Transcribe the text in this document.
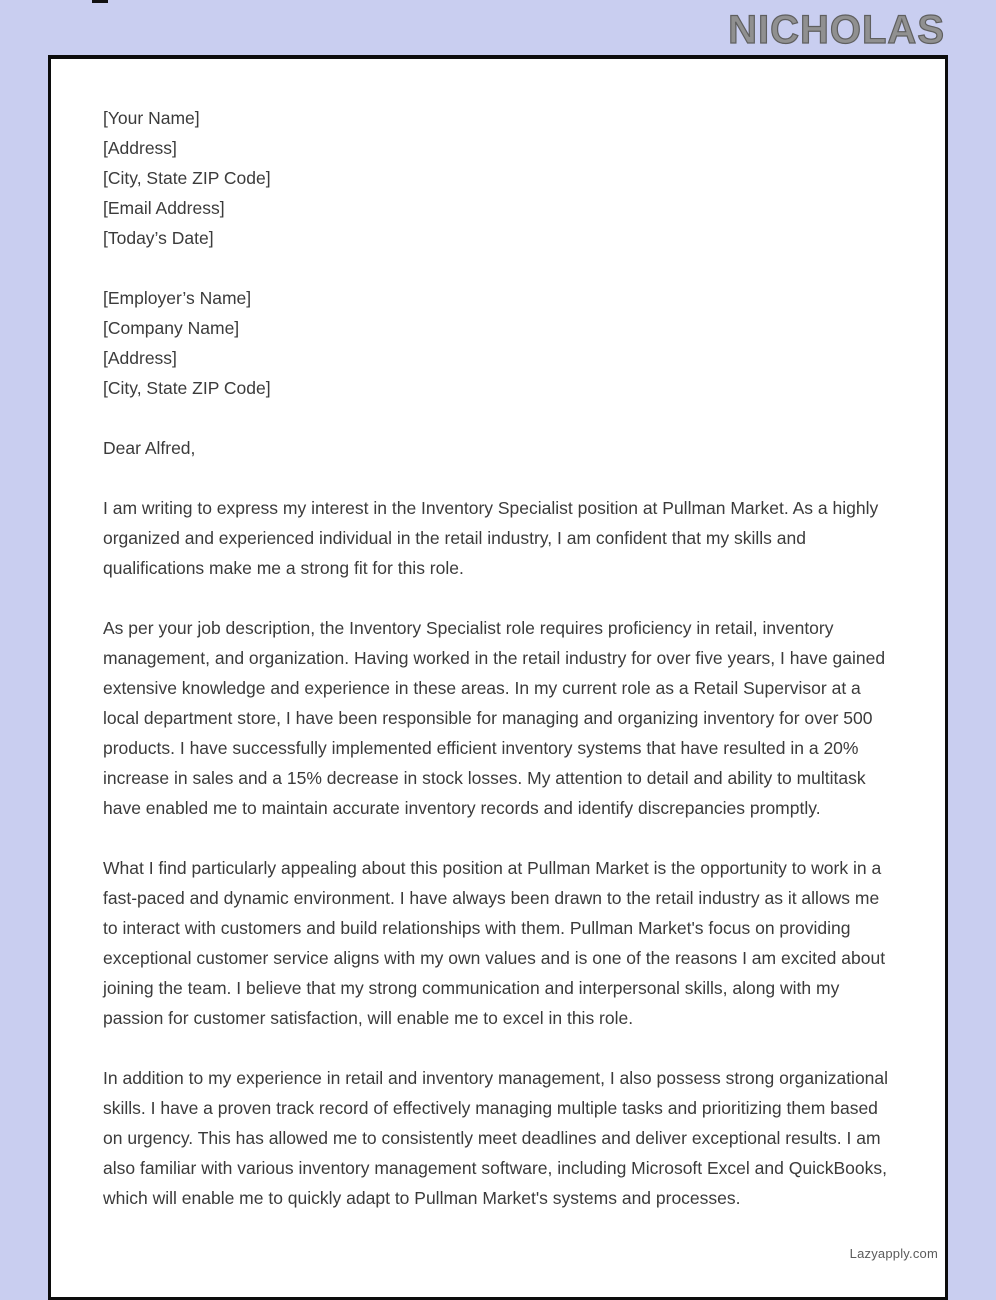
NICHOLAS
[Your Name]
[Address]
[City, State ZIP Code]
[Email Address]
[Today’s Date]
[Employer’s Name]
[Company Name]
[Address]
[City, State ZIP Code]
Dear Alfred,
I am writing to express my interest in the Inventory Specialist position at Pullman Market. As a highly organized and experienced individual in the retail industry, I am confident that my skills and qualifications make me a strong fit for this role.
As per your job description, the Inventory Specialist role requires proficiency in retail, inventory management, and organization. Having worked in the retail industry for over five years, I have gained extensive knowledge and experience in these areas. In my current role as a Retail Supervisor at a local department store, I have been responsible for managing and organizing inventory for over 500 products. I have successfully implemented efficient inventory systems that have resulted in a 20% increase in sales and a 15% decrease in stock losses. My attention to detail and ability to multitask have enabled me to maintain accurate inventory records and identify discrepancies promptly.
What I find particularly appealing about this position at Pullman Market is the opportunity to work in a fast-paced and dynamic environment. I have always been drawn to the retail industry as it allows me to interact with customers and build relationships with them. Pullman Market's focus on providing exceptional customer service aligns with my own values and is one of the reasons I am excited about joining the team. I believe that my strong communication and interpersonal skills, along with my passion for customer satisfaction, will enable me to excel in this role.
In addition to my experience in retail and inventory management, I also possess strong organizational skills. I have a proven track record of effectively managing multiple tasks and prioritizing them based on urgency. This has allowed me to consistently meet deadlines and deliver exceptional results. I am also familiar with various inventory management software, including Microsoft Excel and QuickBooks, which will enable me to quickly adapt to Pullman Market's systems and processes.
Lazyapply.com
